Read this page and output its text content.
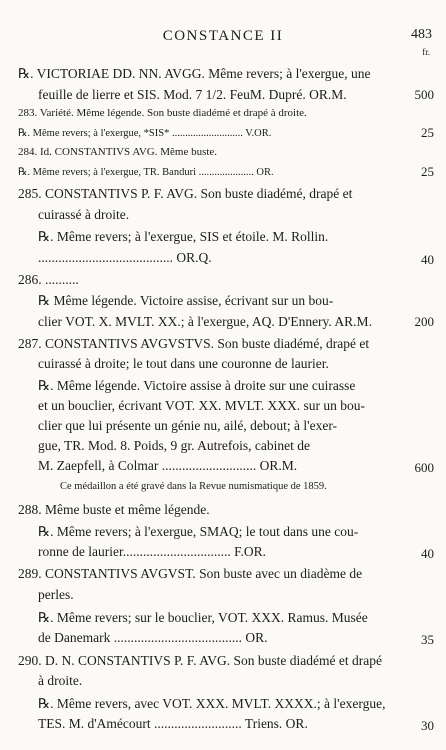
CONSTANCE II	483
fr.
℞. VICTORIAE DD. NN. AVGG. Même revers; à l'exergue, une
feuille de lierre et SIS. Mod. 7 1/2. FeuM. Dupré. OR.M.	500
283. Variété. Même légende. Son buste diadémé et drapé à droite.
℞. Même revers; à l'exergue, *SIS* ........................... V.OR.	25
284. Id. CONSTANTIVS AVG. Même buste.
℞. Même revers; à l'exergue, TR. Banduri ..................... OR.	25
285. CONSTANTIVS P. F. AVG. Son buste diadémé, drapé et
cuirassé à droite.
℞. Même revers; à l'exergue, SIS et étoile. M. Rollin.
........................................ OR.Q.	40
286. ..........
℞ Même légende. Victoire assise, écrivant sur un bou-
clier VOT. X. MVLT. XX.; à l'exergue, AQ. D'Ennery. AR.M.	200
287. CONSTANTIVS AVGVSTVS. Son buste diadémé, drapé et
cuirassé à droite; le tout dans une couronne de laurier.
℞. Même légende. Victoire assise à droite sur une cuirasse
et un bouclier, écrivant VOT. XX. MVLT. XXX. sur un bou-
clier que lui présente un génie nu, ailé, debout; à l'exer-
gue, TR. Mod. 8. Poids, 9 gr. Autrefois, cabinet de
M. Zaepfell, à Colmar ............................ OR.M.	600
Ce médaillon a été gravé dans la Revue numismatique de 1859.
288. Même buste et même légende.
℞. Même revers; à l'exergue, SMAQ; le tout dans une cou-
ronne de laurier................................ F.OR.	40
289. CONSTANTIVS AVGVST. Son buste avec un diadème de
perles.
℞. Même revers; sur le bouclier, VOT. XXX. Ramus. Musée
de Danemark ...................................... OR.	35
290. D. N. CONSTANTIVS P. F. AVG. Son buste diadémé et drapé
à droite.
℞. Même revers, avec VOT. XXX. MVLT. XXXX.; à l'exergue,
TES. M. d'Amécourt .......................... Triens. OR.	30
